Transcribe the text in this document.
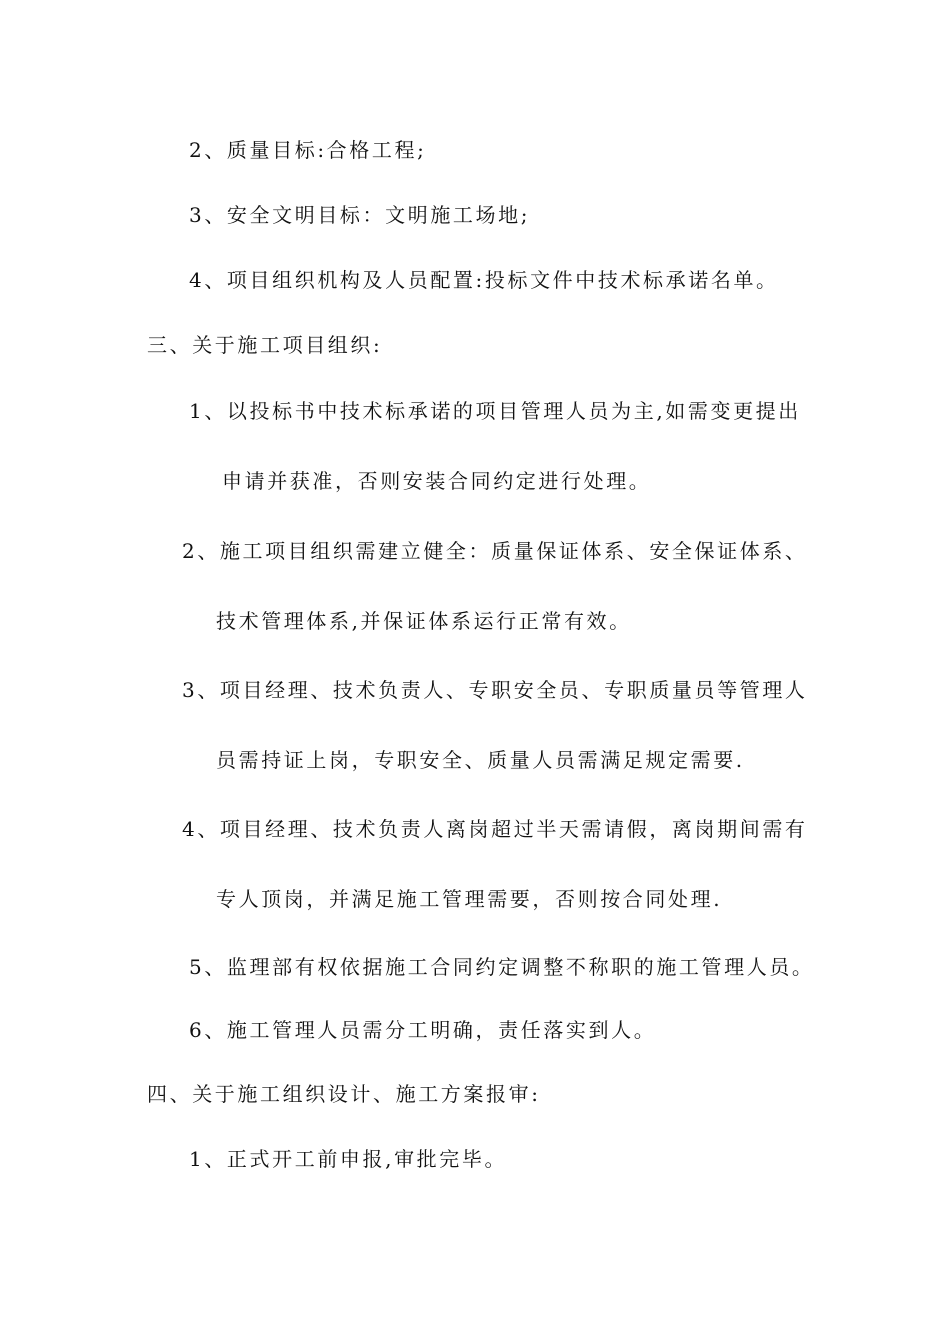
2、质量目标:合格工程;
3、安全文明目标：文明施工场地;
4、项目组织机构及人员配置:投标文件中技术标承诺名单。
三、关于施工项目组织:
1、以投标书中技术标承诺的项目管理人员为主,如需变更提出
申请并获准，否则安装合同约定进行处理。
2、施工项目组织需建立健全：质量保证体系、安全保证体系、
技术管理体系,并保证体系运行正常有效。
3、项目经理、技术负责人、专职安全员、专职质量员等管理人
员需持证上岗，专职安全、质量人员需满足规定需要.
4、项目经理、技术负责人离岗超过半天需请假，离岗期间需有
专人顶岗，并满足施工管理需要，否则按合同处理.
5、监理部有权依据施工合同约定调整不称职的施工管理人员。
6、施工管理人员需分工明确，责任落实到人。
四、关于施工组织设计、施工方案报审:
1、正式开工前申报,审批完毕。
